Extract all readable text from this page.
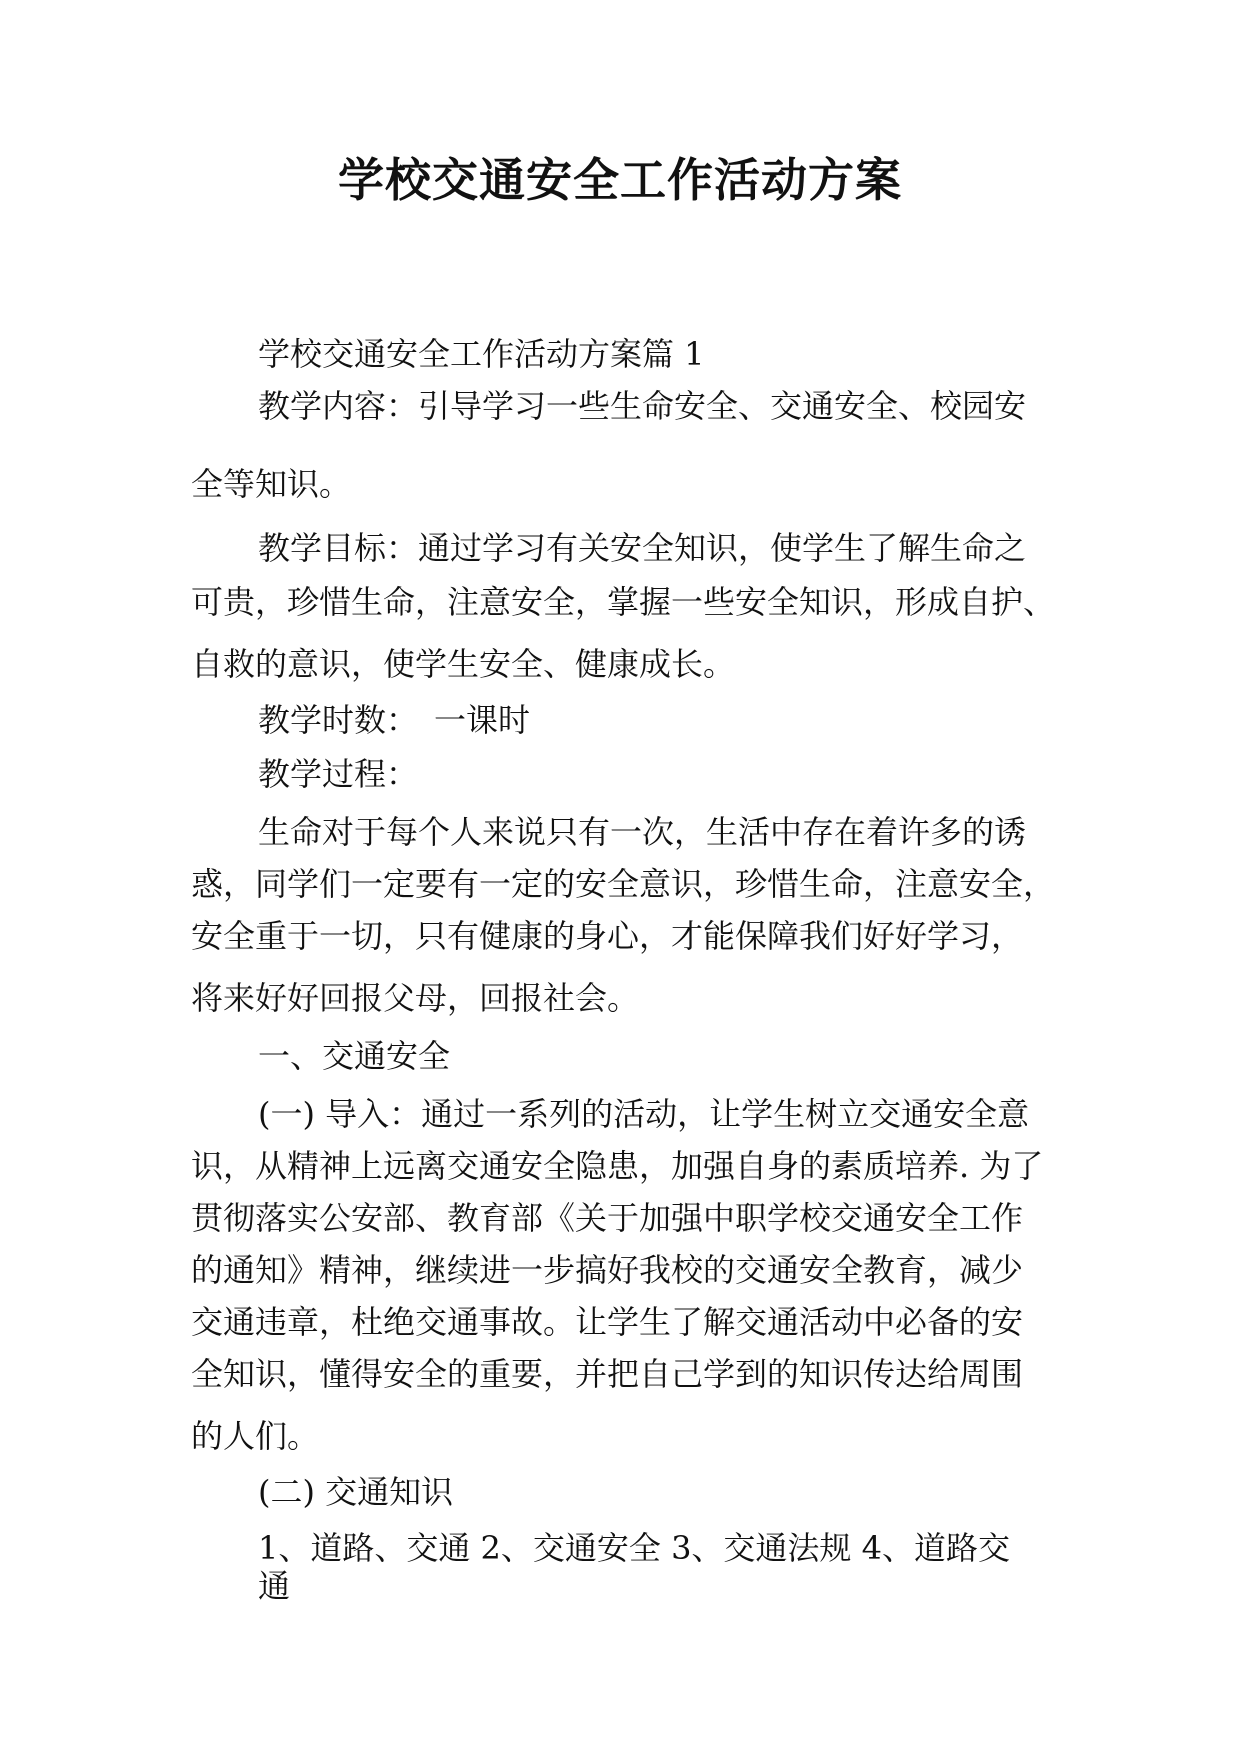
学校交通安全工作活动方案
学校交通安全工作活动方案篇 1
教学内容：引导学习一些生命安全、交通安全、校园安
全等知识。
教学目标：通过学习有关安全知识，使学生了解生命之
可贵，珍惜生命，注意安全，掌握一些安全知识，形成自护、
自救的意识，使学生安全、健康成长。
教学时数：　一课时
教学过程：
生命对于每个人来说只有一次，生活中存在着许多的诱
惑，同学们一定要有一定的安全意识，珍惜生命，注意安全，
安全重于一切，只有健康的身心，才能保障我们好好学习，
将来好好回报父母，回报社会。
一、交通安全
(一) 导入：通过一系列的活动，让学生树立交通安全意
识，从精神上远离交通安全隐患，加强自身的素质培养. 为了
贯彻落实公安部、教育部《关于加强中职学校交通安全工作
的通知》精神，继续进一步搞好我校的交通安全教育，减少
交通违章，杜绝交通事故。让学生了解交通活动中必备的安
全知识，懂得安全的重要，并把自己学到的知识传达给周围
的人们。
(二) 交通知识
1、道路、交通 2、交通安全 3、交通法规 4、道路交
通
